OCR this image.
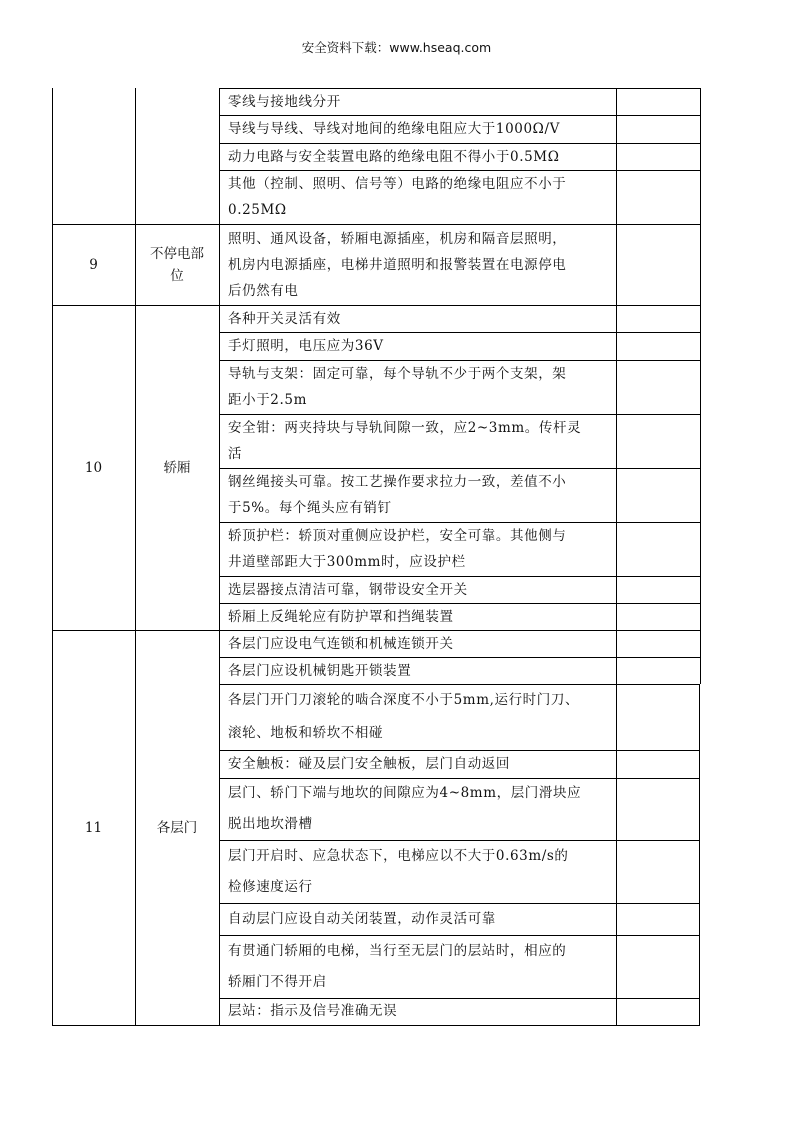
安全资料下载：www.hseaq.com
零线与接地线分开
导线与导线、导线对地间的绝缘电阻应大于1000Ω/V
动力电路与安全装置电路的绝缘电阻不得小于0.5MΩ
其他（控制、照明、信号等）电路的绝缘电阻应不小于
0.25MΩ
照明、通风设备，轿厢电源插座，机房和隔音层照明，
机房内电源插座，电梯井道照明和报警装置在电源停电
后仍然有电
各种开关灵活有效
手灯照明，电压应为36V
导轨与支架：固定可靠，每个导轨不少于两个支架，架
距小于2.5m
安全钳：两夹持块与导轨间隙一致，应2~3mm。传杆灵
活
钢丝绳接头可靠。按工艺操作要求拉力一致，差值不小
于5%。每个绳头应有销钉
轿顶护栏：轿顶对重侧应设护栏，安全可靠。其他侧与
井道壁部距大于300mm时，应设护栏
选层器接点清洁可靠，钢带设安全开关
轿厢上反绳轮应有防护罩和挡绳装置
各层门应设电气连锁和机械连锁开关
各层门应设机械钥匙开锁装置
各层门开门刀滚轮的啮合深度不小于5mm,运行时门刀、
滚轮、地板和轿坎不相碰
安全触板：碰及层门安全触板，层门自动返回
层门、轿门下端与地坎的间隙应为4~8mm，层门滑块应
脱出地坎滑槽
层门开启时、应急状态下，电梯应以不大于0.63m/s的
检修速度运行
自动层门应设自动关闭装置，动作灵活可靠
有贯通门轿厢的电梯，当行至无层门的层站时，相应的
轿厢门不得开启
层站：指示及信号准确无误
9
不停电部
位
10	轿厢
11	各层门
